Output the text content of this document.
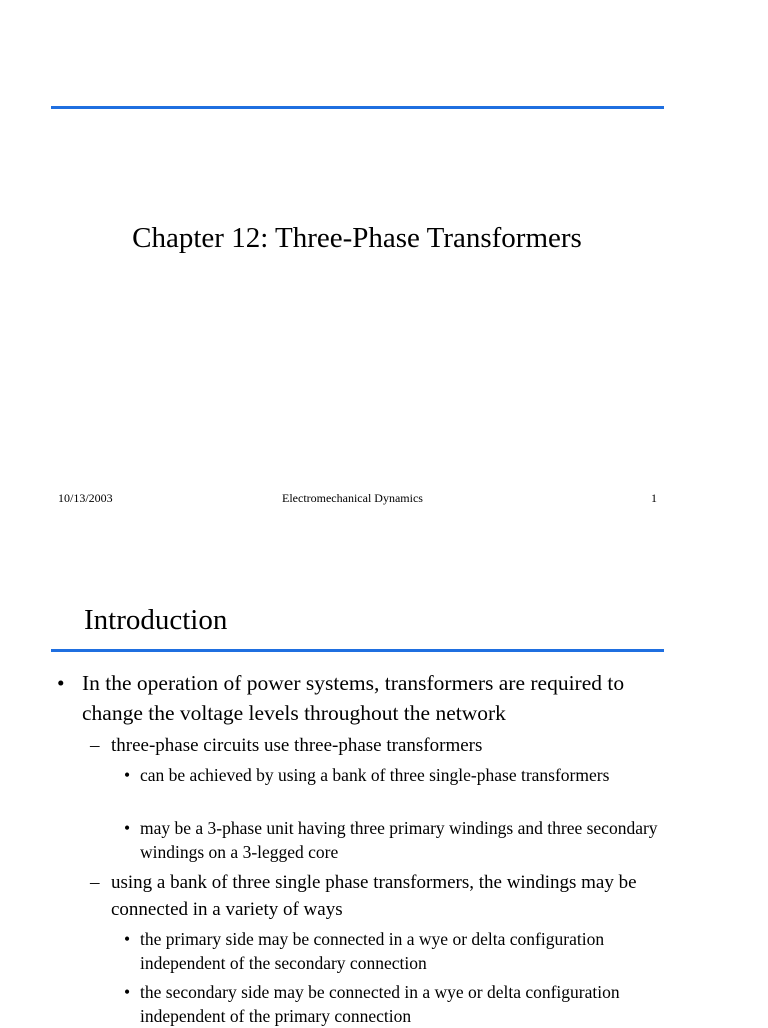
Chapter 12: Three-Phase Transformers
10/13/2003	Electromechanical Dynamics	1
Introduction
• In the operation of power systems, transformers are required to change the voltage levels throughout the network
– three-phase circuits use three-phase transformers
• can be achieved by using a bank of three single-phase transformers
• may be a 3-phase unit having three primary windings and three secondary windings on a 3-legged core
– using a bank of three single phase transformers, the windings may be connected in a variety of ways
• the primary side may be connected in a wye or delta configuration independent of the secondary connection
• the secondary side may be connected in a wye or delta configuration independent of the primary connection
